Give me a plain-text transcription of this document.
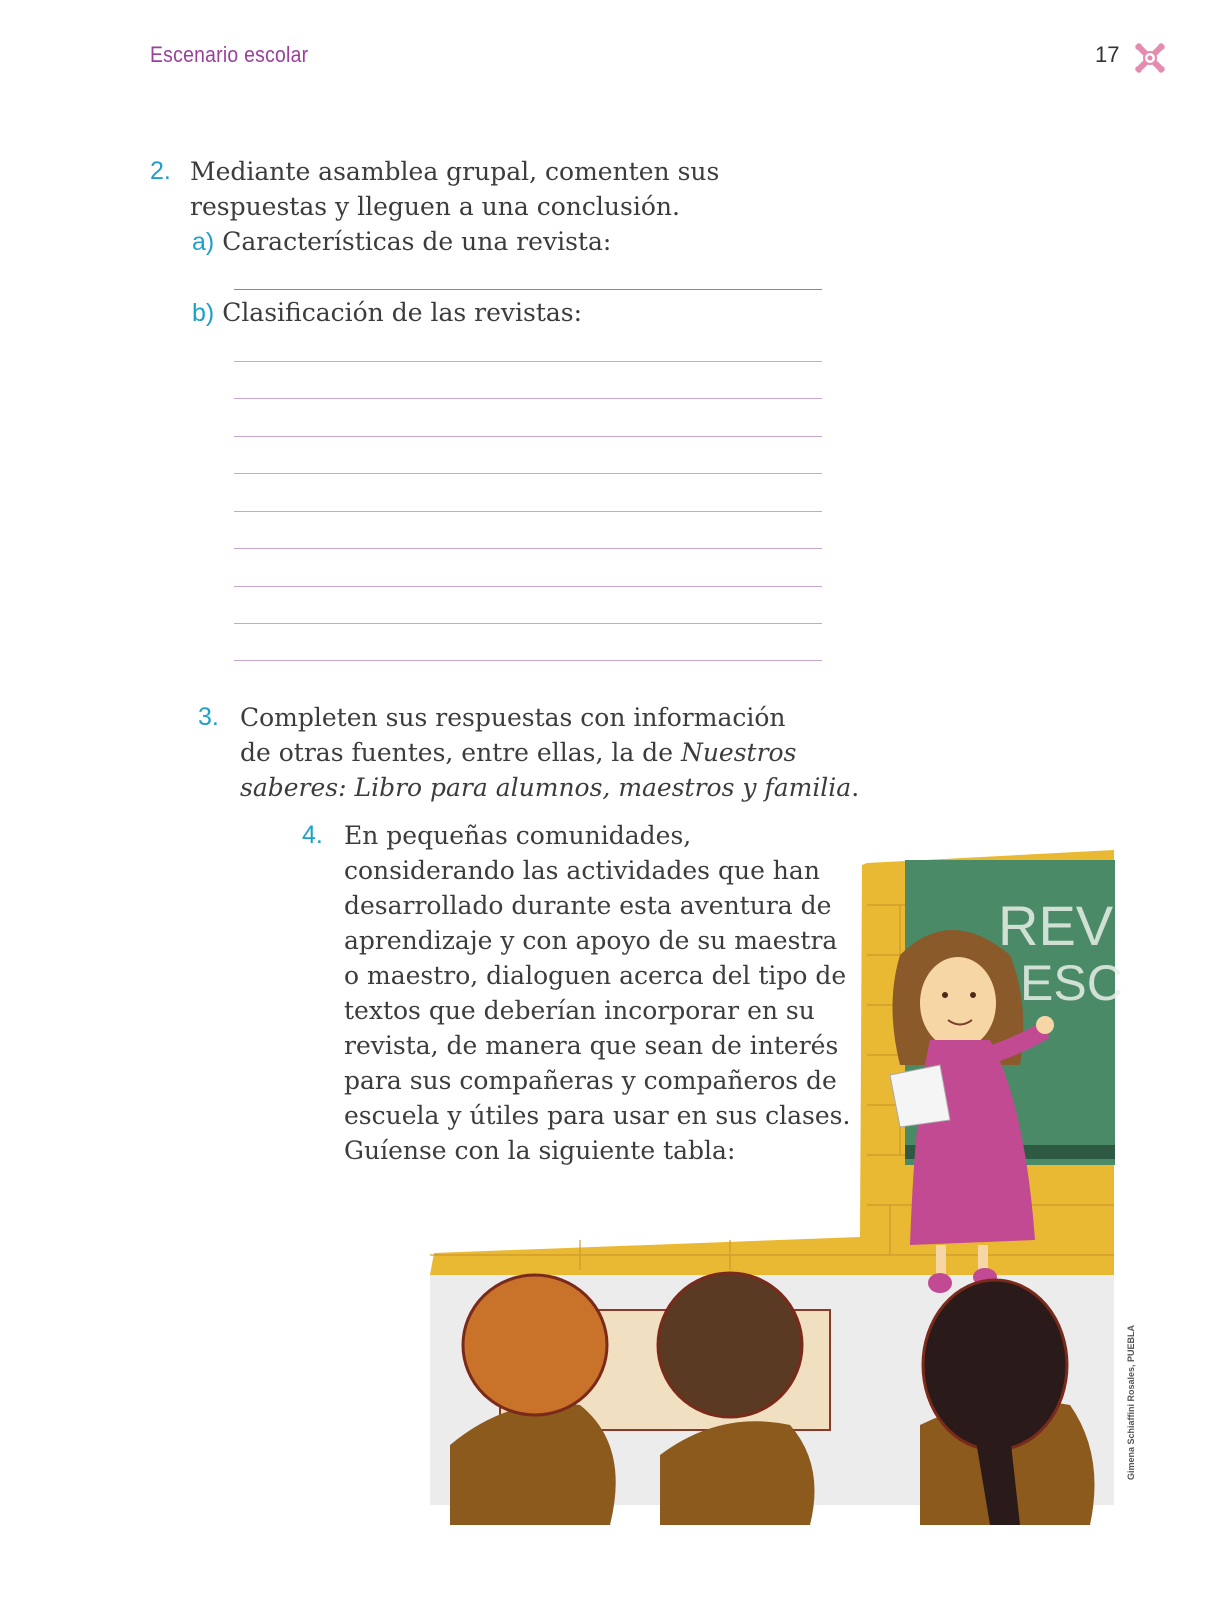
Escenario escolar	17
2. Mediante asamblea grupal, comenten sus
respuestas y lleguen a una conclusión.
a) Características de una revista:
b) Clasificación de las revistas:
3. Completen sus respuestas con información
de otras fuentes, entre ellas, la de Nuestros
saberes: Libro para alumnos, maestros y familia.
4. En pequeñas comunidades,
considerando las actividades que han
desarrollado durante esta aventura de
aprendizaje y con apoyo de su maestra
o maestro, dialoguen acerca del tipo de
textos que deberían incorporar en su
revista, de manera que sean de interés
para sus compañeras y compañeros de
escuela y útiles para usar en sus clases.
Guíense con la siguiente tabla:
REV
ESC
Gimena Schiaffini Rosales, PUEBLA
